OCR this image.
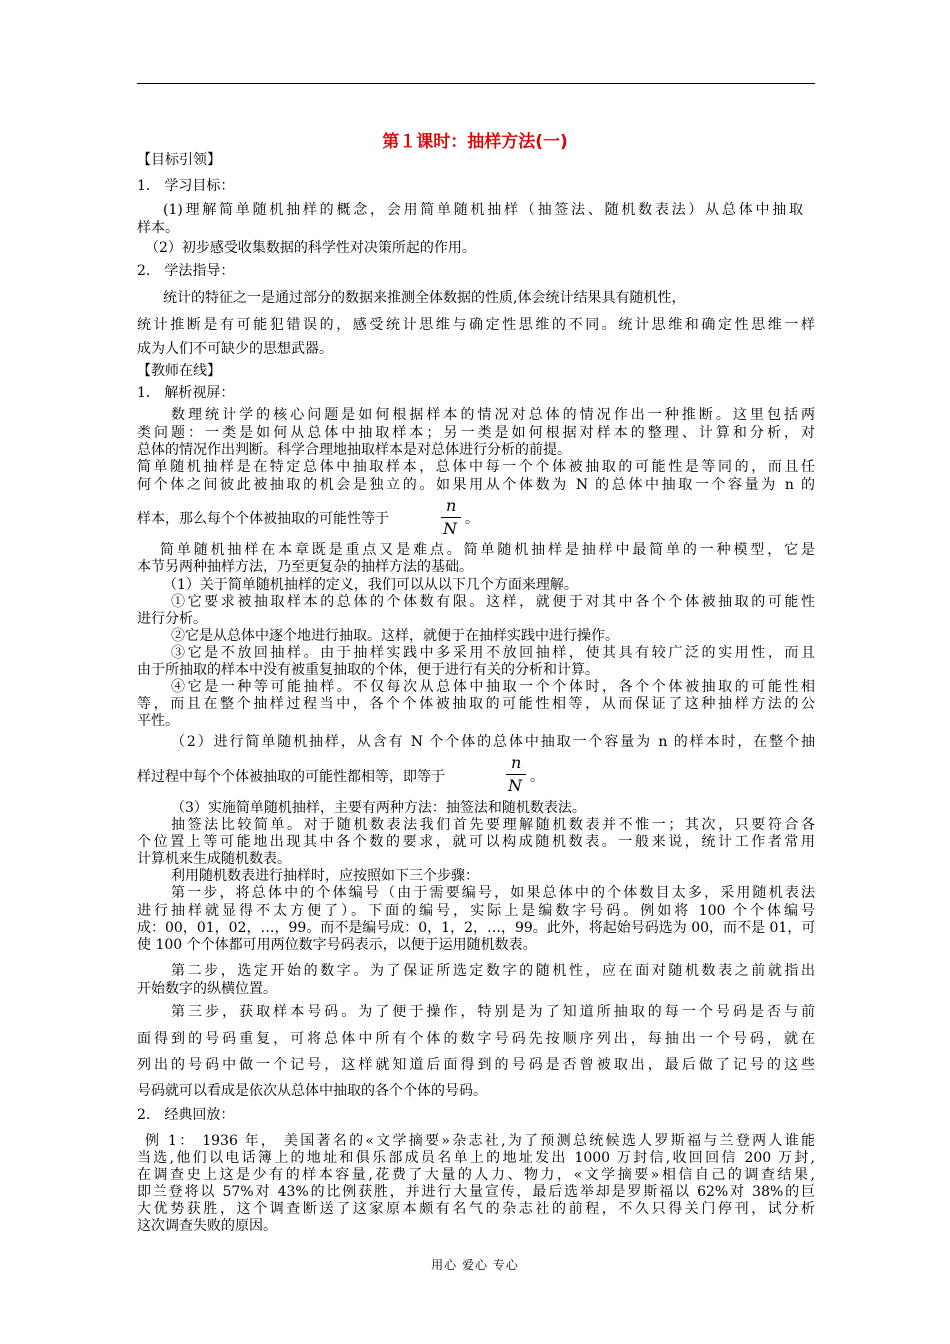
第１课时：抽样方法(一)
【目标引领】
1． 学习目标：
(1)理解简单随机抽样的概念，会用简单随机抽样（抽签法、随机数表法）从总体中抽取
样本。
（2）初步感受收集数据的科学性对决策所起的作用。
2． 学法指导：
统计的特征之一是通过部分的数据来推测全体数据的性质,体会统计结果具有随机性，
统计推断是有可能犯错误的，感受统计思维与确定性思维的不同。统计思维和确定性思维一样
成为人们不可缺少的思想武器。
【教师在线】
1． 解析视屏：
数理统计学的核心问题是如何根据样本的情况对总体的情况作出一种推断。这里包括两
类问题：一类是如何从总体中抽取样本；另一类是如何根据对样本的整理、计算和分析，对
总体的情况作出判断。科学合理地抽取样本是对总体进行分析的前提。
简单随机抽样是在特定总体中抽取样本，总体中每一个个体被抽取的可能性是等同的，而且任
何个体之间彼此被抽取的机会是独立的。如果用从个体数为 N 的总体中抽取一个容量为 n 的
样本，那么每个个体被抽取的可能性等于
n
N 。
简单随机抽样在本章既是重点又是难点。简单随机抽样是抽样中最简单的一种模型，它是
本节另两种抽样方法，乃至更复杂的抽样方法的基础。
（1）关于简单随机抽样的定义，我们可以从以下几个方面来理解。
①它要求被抽取样本的总体的个体数有限。这样，就便于对其中各个个体被抽取的可能性
进行分析。
②它是从总体中逐个地进行抽取。这样，就便于在抽样实践中进行操作。
③它是不放回抽样。由于抽样实践中多采用不放回抽样，使其具有较广泛的实用性，而且
由于所抽取的样本中没有被重复抽取的个体，便于进行有关的分析和计算。
④它是一种等可能抽样。不仅每次从总体中抽取一个个体时，各个个体被抽取的可能性相
等，而且在整个抽样过程当中，各个个体被抽取的可能性相等，从而保证了这种抽样方法的公
平性。
（2）进行简单随机抽样，从含有 N 个个体的总体中抽取一个容量为 n 的样本时，在整个抽
样过程中每个个体被抽取的可能性都相等，即等于
n
N 。
（3）实施简单随机抽样，主要有两种方法：抽签法和随机数表法。
抽签法比较简单。对于随机数表法我们首先要理解随机数表并不惟一；其次，只要符合各
个位置上等可能地出现其中各个数的要求，就可以构成随机数表。一般来说，统计工作者常用
计算机来生成随机数表。
利用随机数表进行抽样时，应按照如下三个步骤：
第一步，将总体中的个体编号（由于需要编号，如果总体中的个体数目太多，采用随机表法
进行抽样就显得不太方便了）。下面的编号，实际上是编数字号码。例如将 100 个个体编号
成：00，01，02，…，99。而不是编号成：0，1，2，…，99。此外，将起始号码选为 00，而不是 01，可
使 100 个个体都可用两位数字号码表示，以便于运用随机数表。
第二步，选定开始的数字。为了保证所选定数字的随机性，应在面对随机数表之前就指出
开始数字的纵横位置。
第三步，获取样本号码。为了便于操作，特别是为了知道所抽取的每一个号码是否与前
面得到的号码重复，可将总体中所有个体的数字号码先按顺序列出，每抽出一个号码，就在
列出的号码中做一个记号，这样就知道后面得到的号码是否曾被取出，最后做了记号的这些
号码就可以看成是依次从总体中抽取的各个个体的号码。
2． 经典回放：
例 1： 1936 年， 美国著名的«文学摘要»杂志社,为了预测总统候选人罗斯福与兰登两人谁能
当选,他们以电话簿上的地址和俱乐部成员名单上的地址发出 1000 万封信,收回回信 200 万封,
在调查史上这是少有的样本容量,花费了大量的人力、物力，«文学摘要»相信自己的调查结果,
即兰登将以 57%对 43%的比例获胜，并进行大量宣传，最后选举却是罗斯福以 62%对 38%的巨
大优势获胜，这个调查断送了这家原本颇有名气的杂志社的前程，不久只得关门停刊，试分析
这次调查失败的原因。
用心 爱心 专心
